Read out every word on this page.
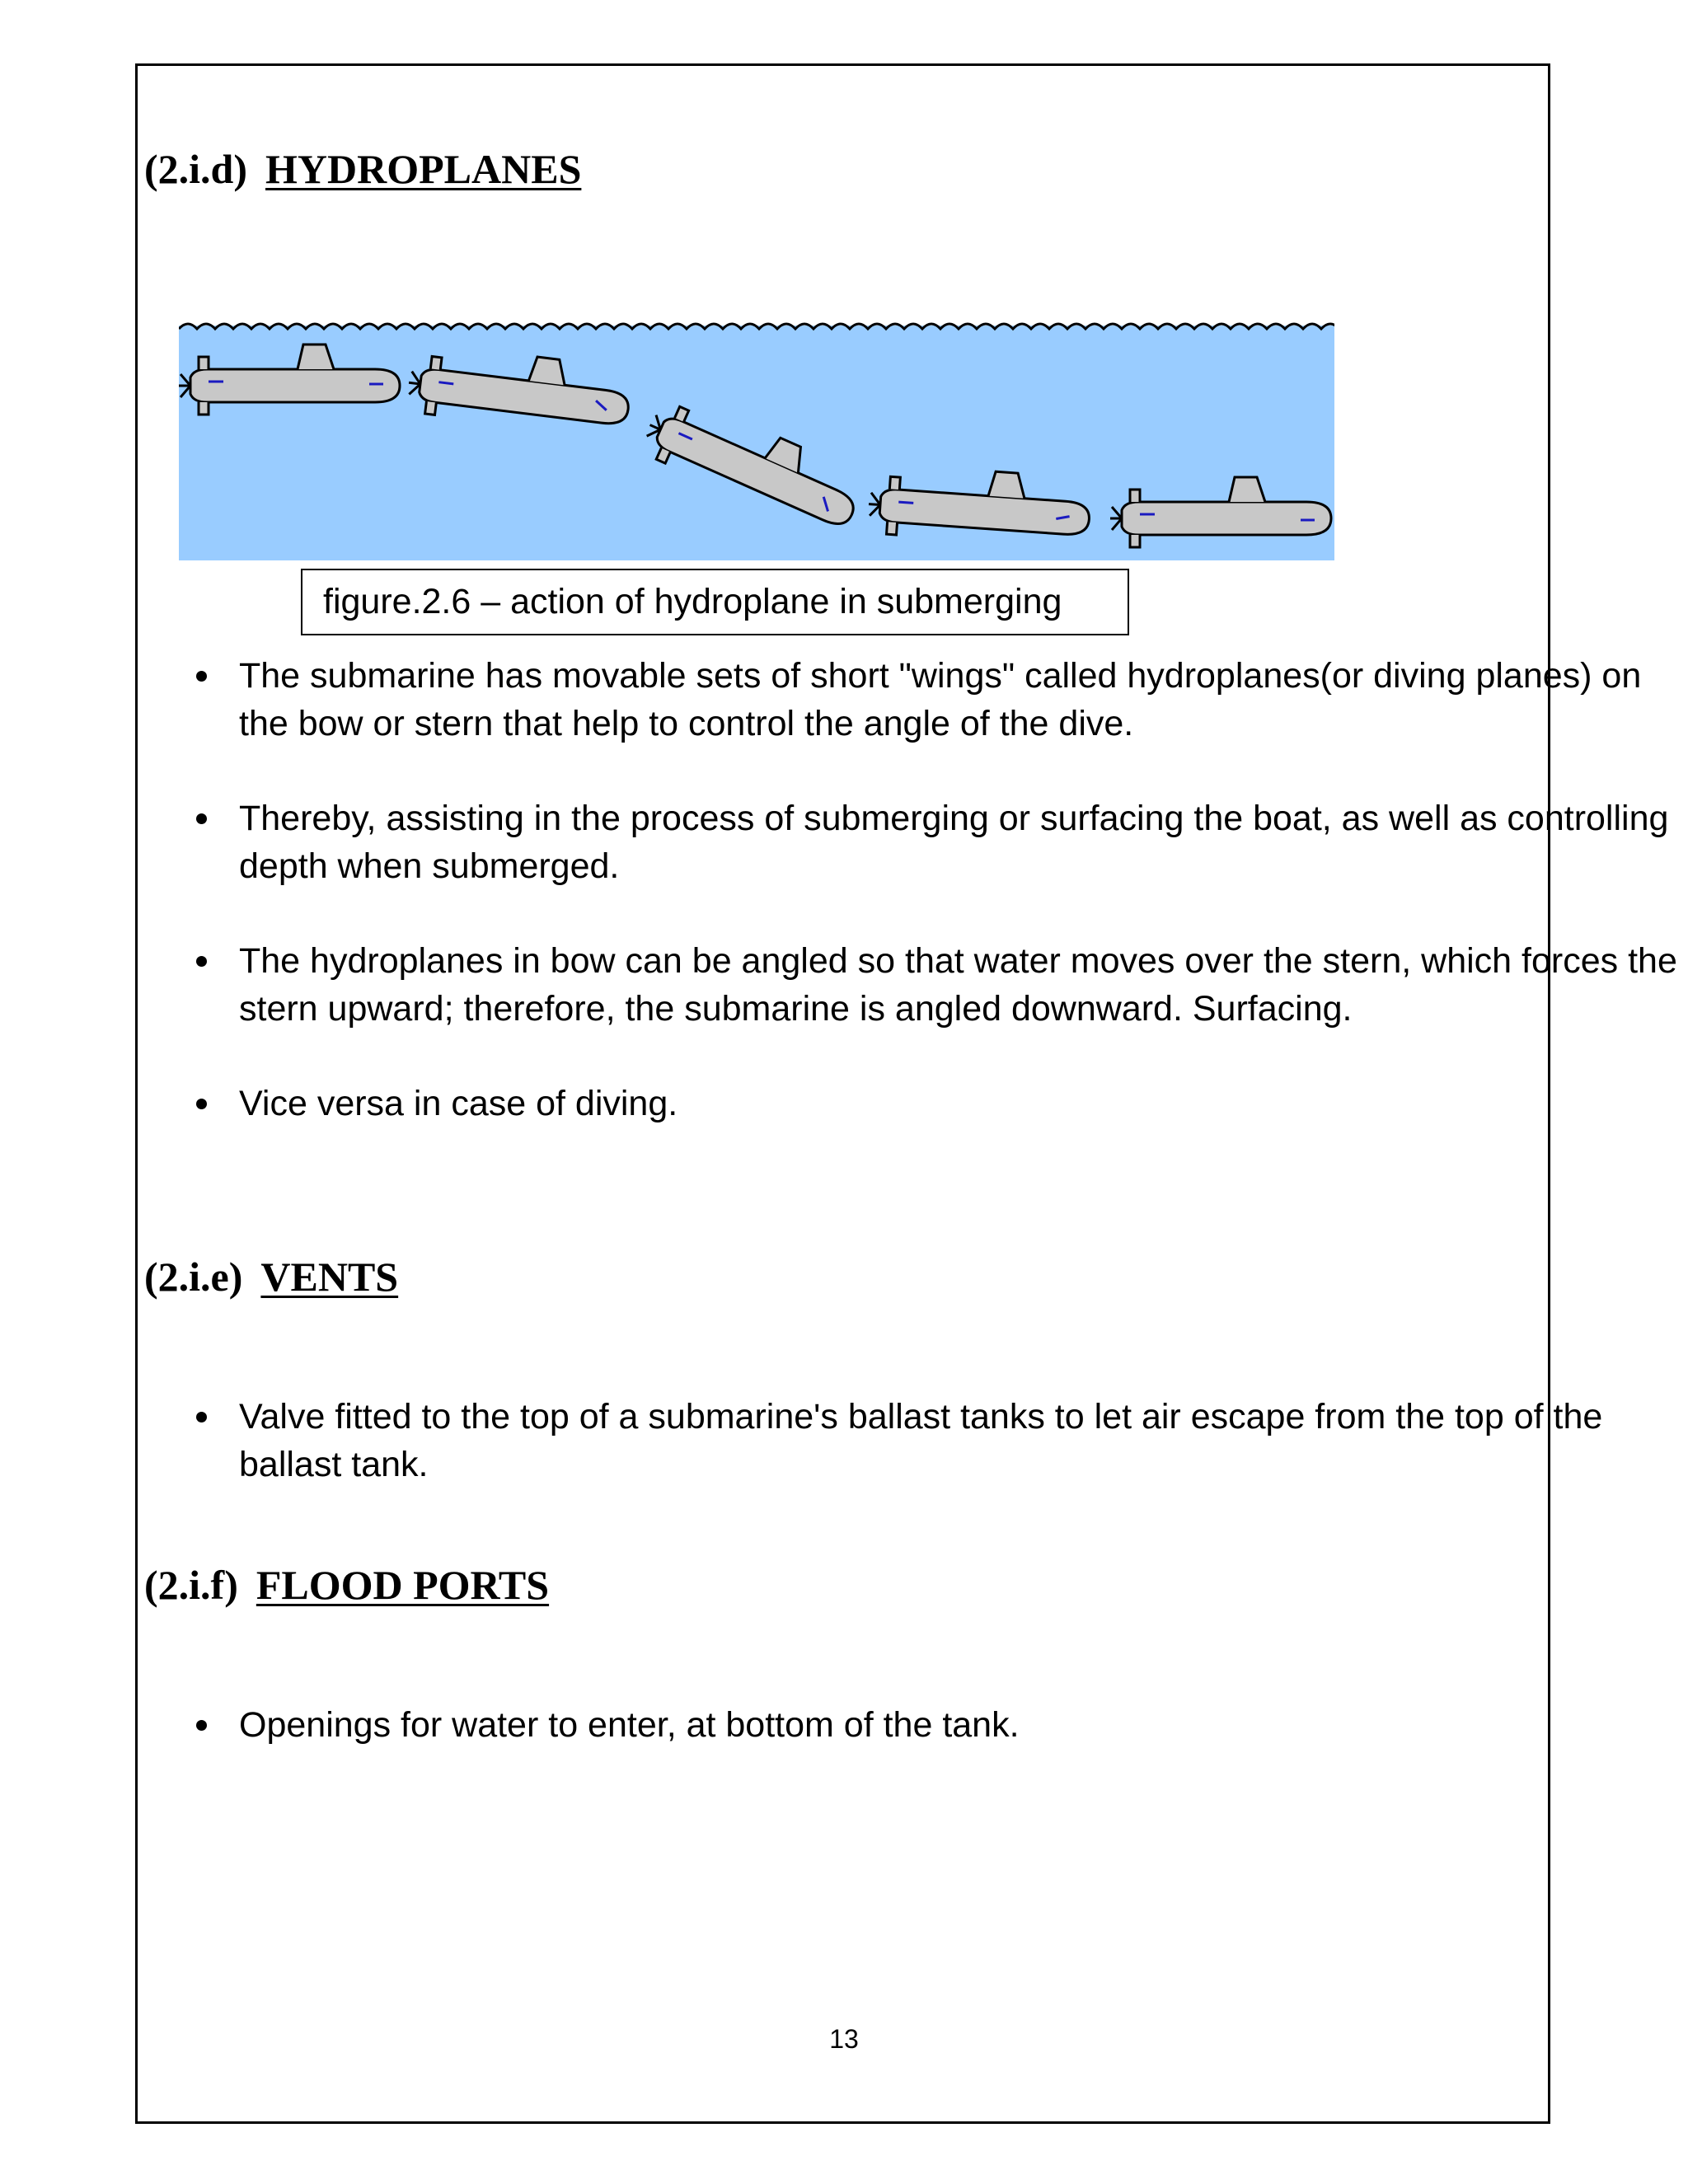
(2.i.d) HYDROPLANES
figure.2.6 – action of hydroplane in submerging
The submarine has movable sets of short "wings" called hydroplanes(or diving planes) on the bow or stern that help to control the angle of the dive.
Thereby, assisting in the process of submerging or surfacing the boat, as well as controlling depth when submerged.
The hydroplanes in bow can be angled so that water moves over the stern, which forces the stern upward; therefore, the submarine is angled downward. Surfacing.
Vice versa in case of diving.
(2.i.e) VENTS
Valve fitted to the top of a submarine's ballast tanks to let air escape from the top of the ballast tank.
(2.i.f) FLOOD PORTS
Openings for water to enter, at bottom of the tank.
13
